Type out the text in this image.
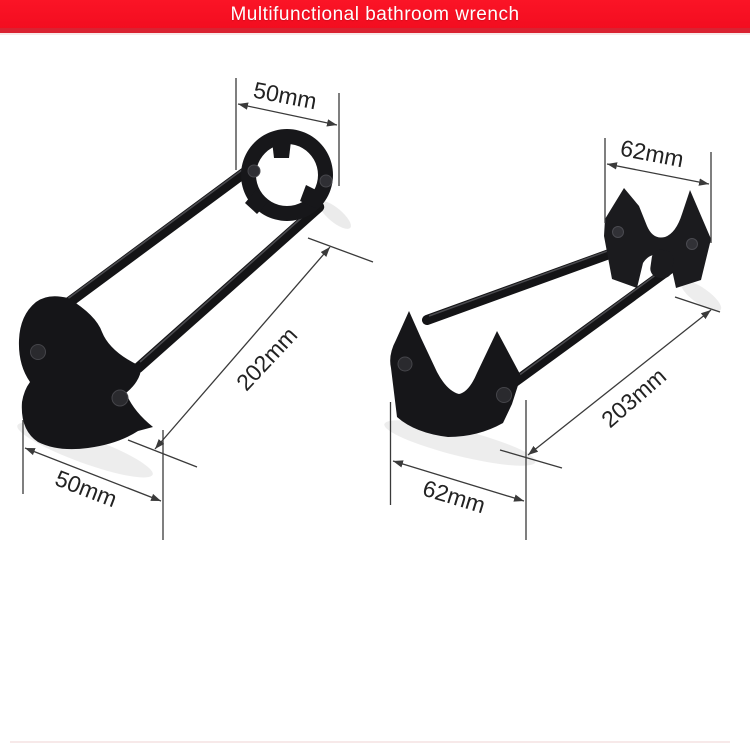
Multifunctional bathroom wrench
50mm
202mm
50mm
62mm
203mm
62mm
